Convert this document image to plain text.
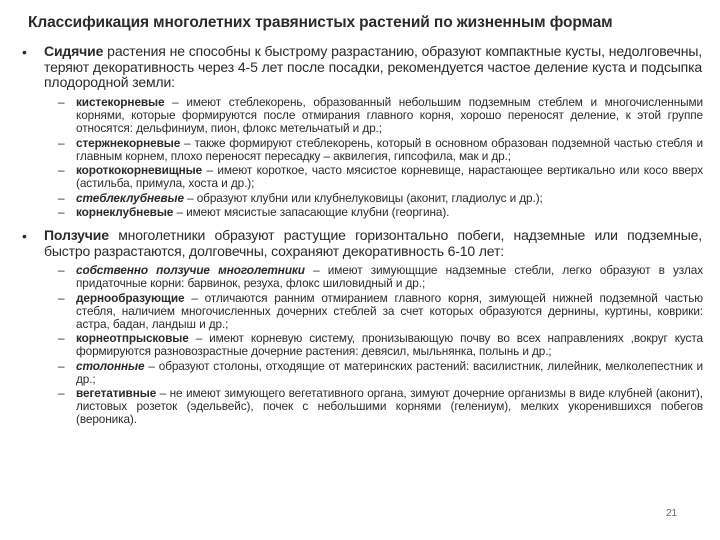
Классификация многолетних травянистых растений по жизненным формам
•	Сидячие растения не способны к быстрому разрастанию, образуют компактные кусты, недолговечны, теряют декоративность через 4-5 лет после посадки, рекомендуется частое деление куста и подсыпка плодородной земли:
– кистекорневые – имеют стеблекорень, образованный небольшим подземным стеблем и многочисленными корнями, которые формируются после отмирания главного корня, хорошо переносят деление, к этой группе относятся: дельфиниум, пион, флокс метельчатый и др.;
– стержнекорневые – также формируют стеблекорень, который в основном образован подземной частью стебля и главным корнем, плохо переносят пересадку – аквилегия, гипсофила, мак и др.;
– короткокорневищные – имеют короткое, часто мясистое корневище, нарастающее вертикально или косо вверх (астильба, примула, хоста и др.);
– стеблеклубневые – образуют клубни или клубнелуковицы (аконит, гладиолус и др.);
– корнеклубневые – имеют мясистые запасающие клубни (георгина).
•	Ползучие многолетники образуют растущие горизонтально побеги, надземные или подземные, быстро разрастаются, долговечны, сохраняют декоративность 6-10 лет:
– собственно ползучие многолетники – имеют зимующщие надземные стебли, легко образуют в узлах придаточные корни: барвинок, резуха, флокс шиловидный и др.;
– дернообразующие – отличаются ранним отмиранием главного корня, зимующей нижней подземной частью стебля, наличием многочисленных дочерних стеблей за счет которых образуются дернины, куртины, коврики: астра, бадан, ландыш и др.;
– корнеотпрысковые – имеют корневую систему, пронизывающую почву во всех направлениях ,вокруг куста формируются разновозрастные дочерние растения: девясил, мыльнянка, полынь и др.;
– столонные – образуют столоны, отходящие от материнских растений: василистник, лилейник, мелколепестник и др.;
– вегетативные – не имеют зимующего вегетативного органа, зимуют дочерние организмы в виде клубней (аконит), листовых розеток (эдельвейс), почек с небольшими корнями (гелениум), мелких укоренившихся побегов (вероника).
21
